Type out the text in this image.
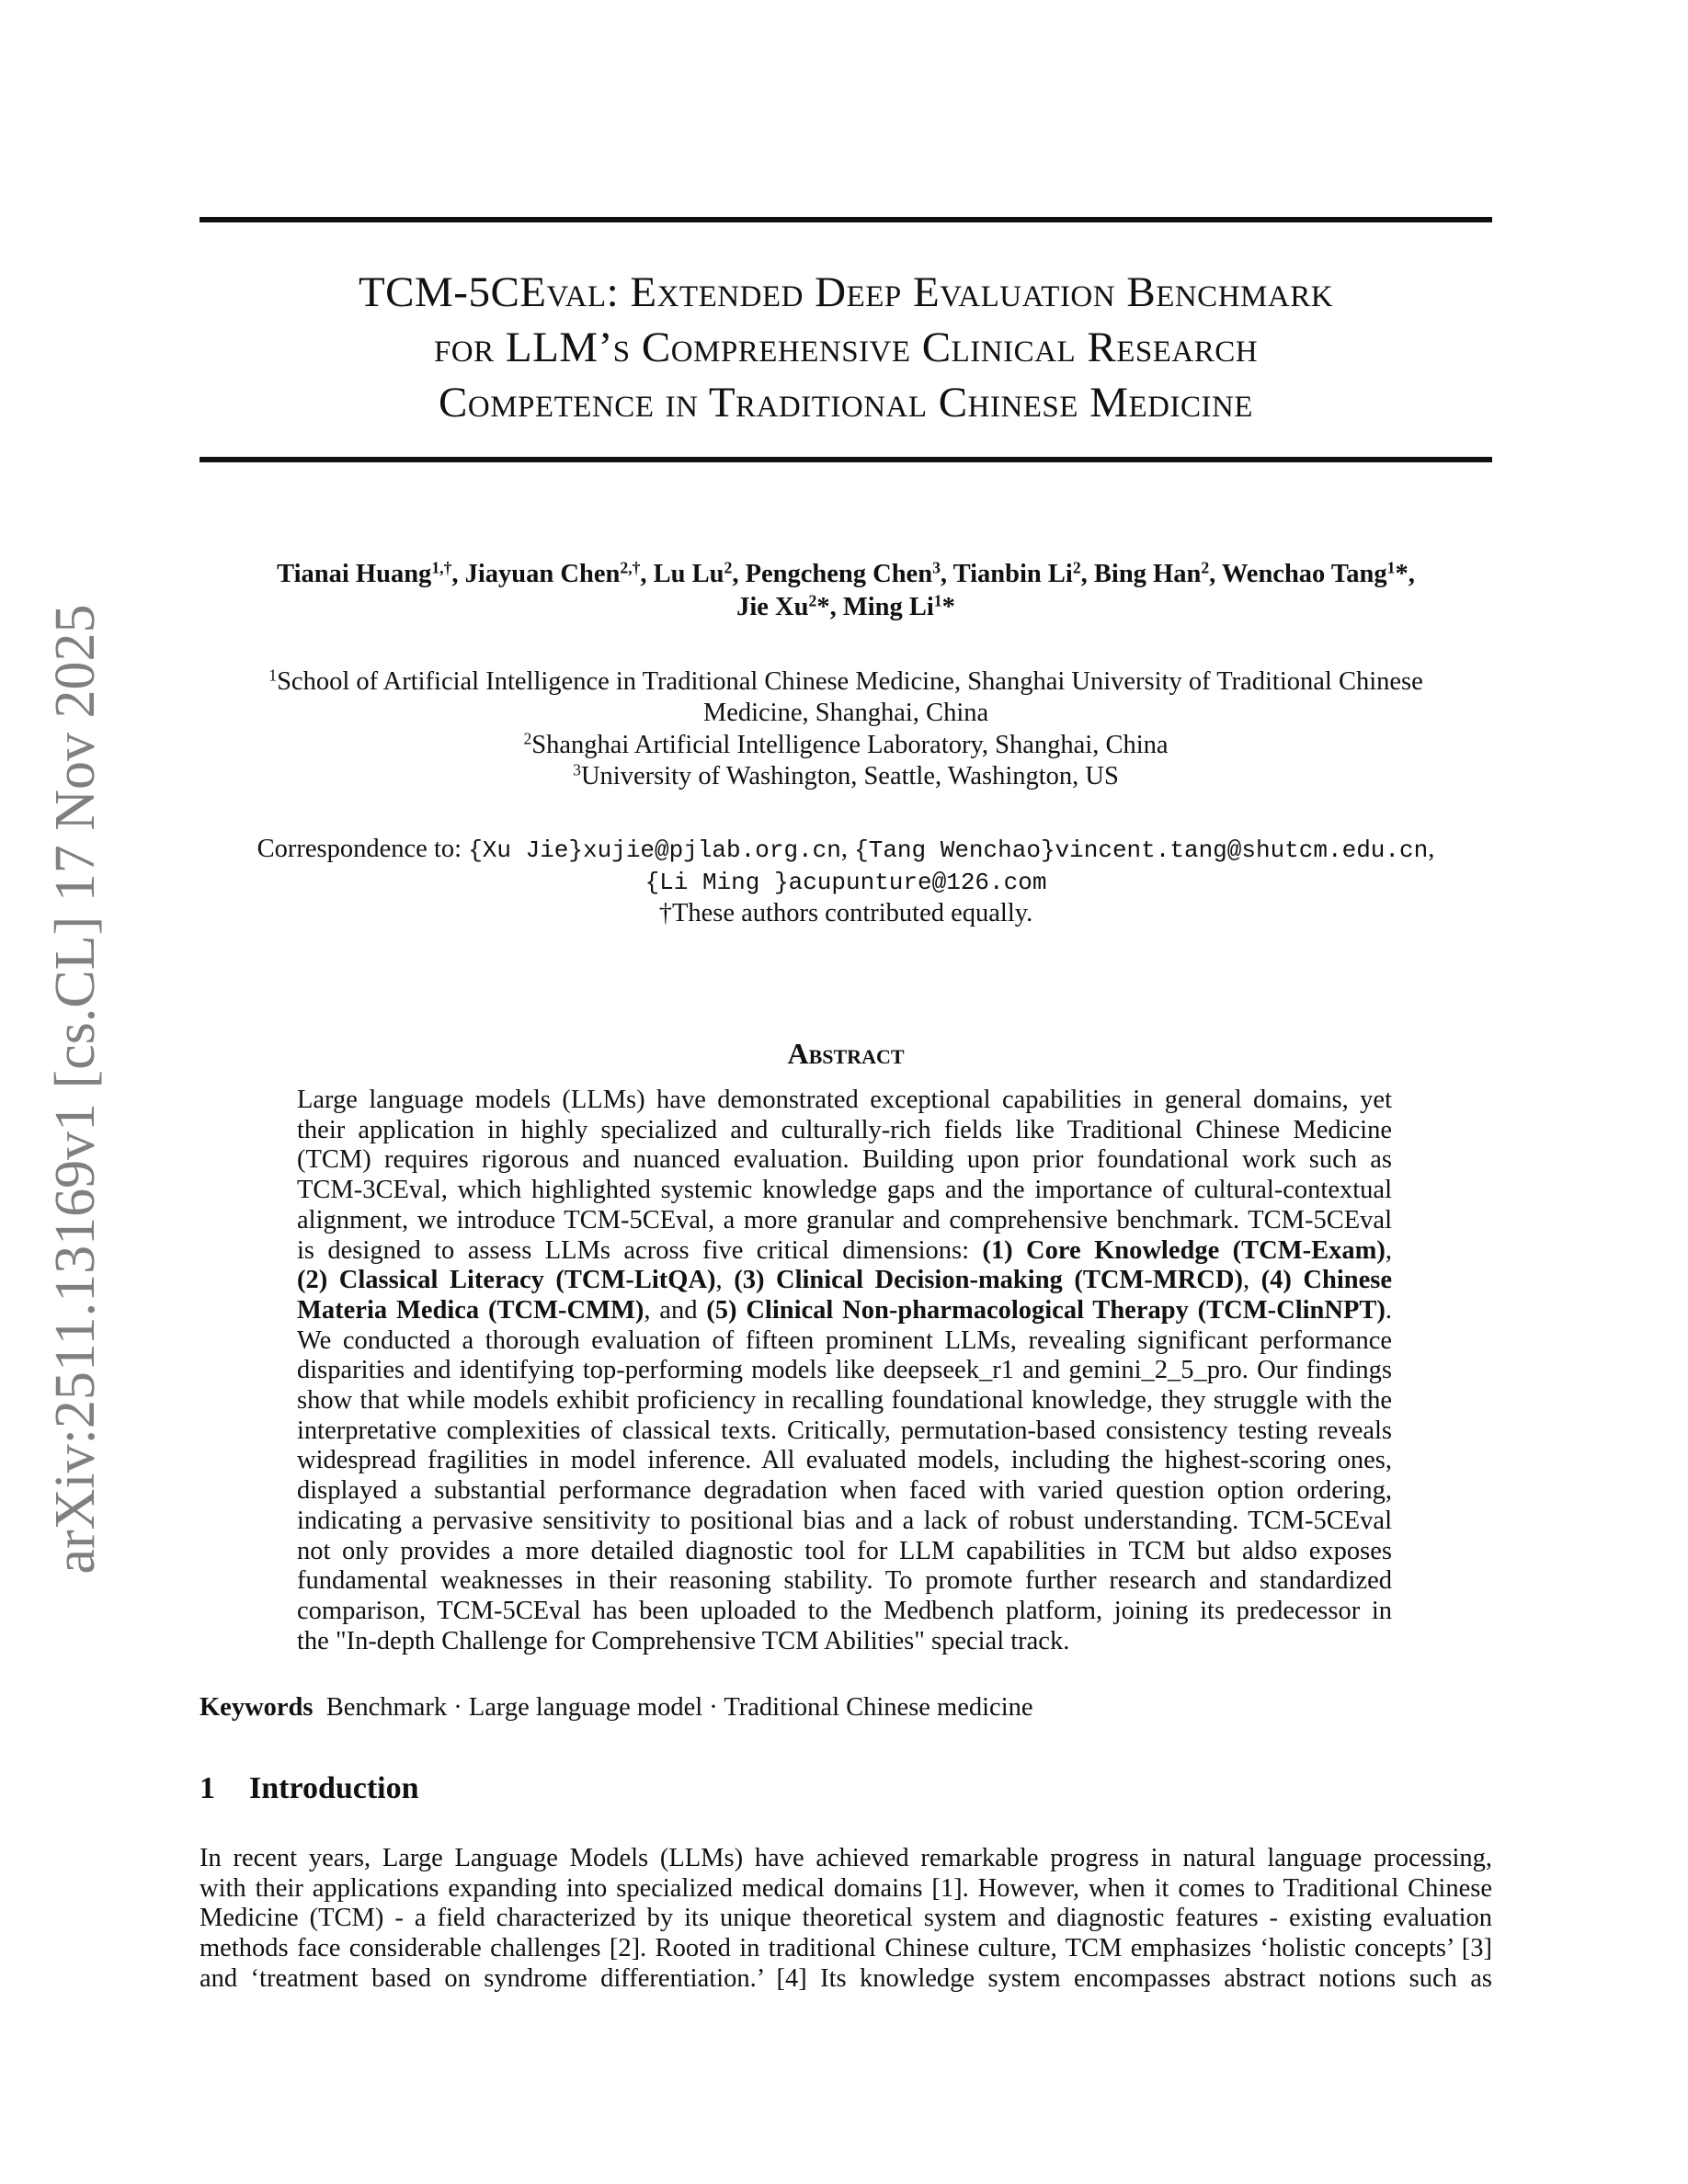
arXiv:2511.13169v1 [cs.CL] 17 Nov 2025
TCM-5CEval: Extended Deep Evaluation Benchmark
for LLM’s Comprehensive Clinical Research
Competence in Traditional Chinese Medicine
Tianai Huang$^{1,\dagger}$, Jiayuan Chen$^{2,\dagger}$, Lu Lu$^2$, Pengcheng Chen$^3$, Tianbin Li$^2$, Bing Han$^2$, Wenchao Tang$^1$*,
Jie Xu$^2$*, Ming Li$^1$*
$^1$School of Artificial Intelligence in Traditional Chinese Medicine, Shanghai University of Traditional Chinese
Medicine, Shanghai, China
$^2$Shanghai Artificial Intelligence Laboratory, Shanghai, China
$^3$University of Washington, Seattle, Washington, US
Correspondence to: {Xu Jie}xujie@pjlab.org.cn, {Tang Wenchao}vincent.tang@shutcm.edu.cn,
{Li Ming }acupunture@126.com
†These authors contributed equally.
Abstract
Large language models (LLMs) have demonstrated exceptional capabilities in general domains, yet
their application in highly specialized and culturally-rich fields like Traditional Chinese Medicine
(TCM) requires rigorous and nuanced evaluation. Building upon prior foundational work such as
TCM-3CEval, which highlighted systemic knowledge gaps and the importance of cultural-contextual
alignment, we introduce TCM-5CEval, a more granular and comprehensive benchmark. TCM-5CEval
is designed to assess LLMs across five critical dimensions: (1) Core Knowledge (TCM-Exam),
(2) Classical Literacy (TCM-LitQA), (3) Clinical Decision-making (TCM-MRCD), (4) Chinese
Materia Medica (TCM-CMM), and (5) Clinical Non-pharmacological Therapy (TCM-ClinNPT).
We conducted a thorough evaluation of fifteen prominent LLMs, revealing significant performance
disparities and identifying top-performing models like deepseek_r1 and gemini_2_5_pro. Our findings
show that while models exhibit proficiency in recalling foundational knowledge, they struggle with the
interpretative complexities of classical texts. Critically, permutation-based consistency testing reveals
widespread fragilities in model inference. All evaluated models, including the highest-scoring ones,
displayed a substantial performance degradation when faced with varied question option ordering,
indicating a pervasive sensitivity to positional bias and a lack of robust understanding. TCM-5CEval
not only provides a more detailed diagnostic tool for LLM capabilities in TCM but aldso exposes
fundamental weaknesses in their reasoning stability. To promote further research and standardized
comparison, TCM-5CEval has been uploaded to the Medbench platform, joining its predecessor in
the "In-depth Challenge for Comprehensive TCM Abilities" special track.
Keywords Benchmark · Large language model · Traditional Chinese medicine
1 Introduction
In recent years, Large Language Models (LLMs) have achieved remarkable progress in natural language processing,
with their applications expanding into specialized medical domains [1]. However, when it comes to Traditional Chinese
Medicine (TCM) - a field characterized by its unique theoretical system and diagnostic features - existing evaluation
methods face considerable challenges [2]. Rooted in traditional Chinese culture, TCM emphasizes ‘holistic concepts’ [3]
and ‘treatment based on syndrome differentiation.’ [4] Its knowledge system encompasses abstract notions such as
